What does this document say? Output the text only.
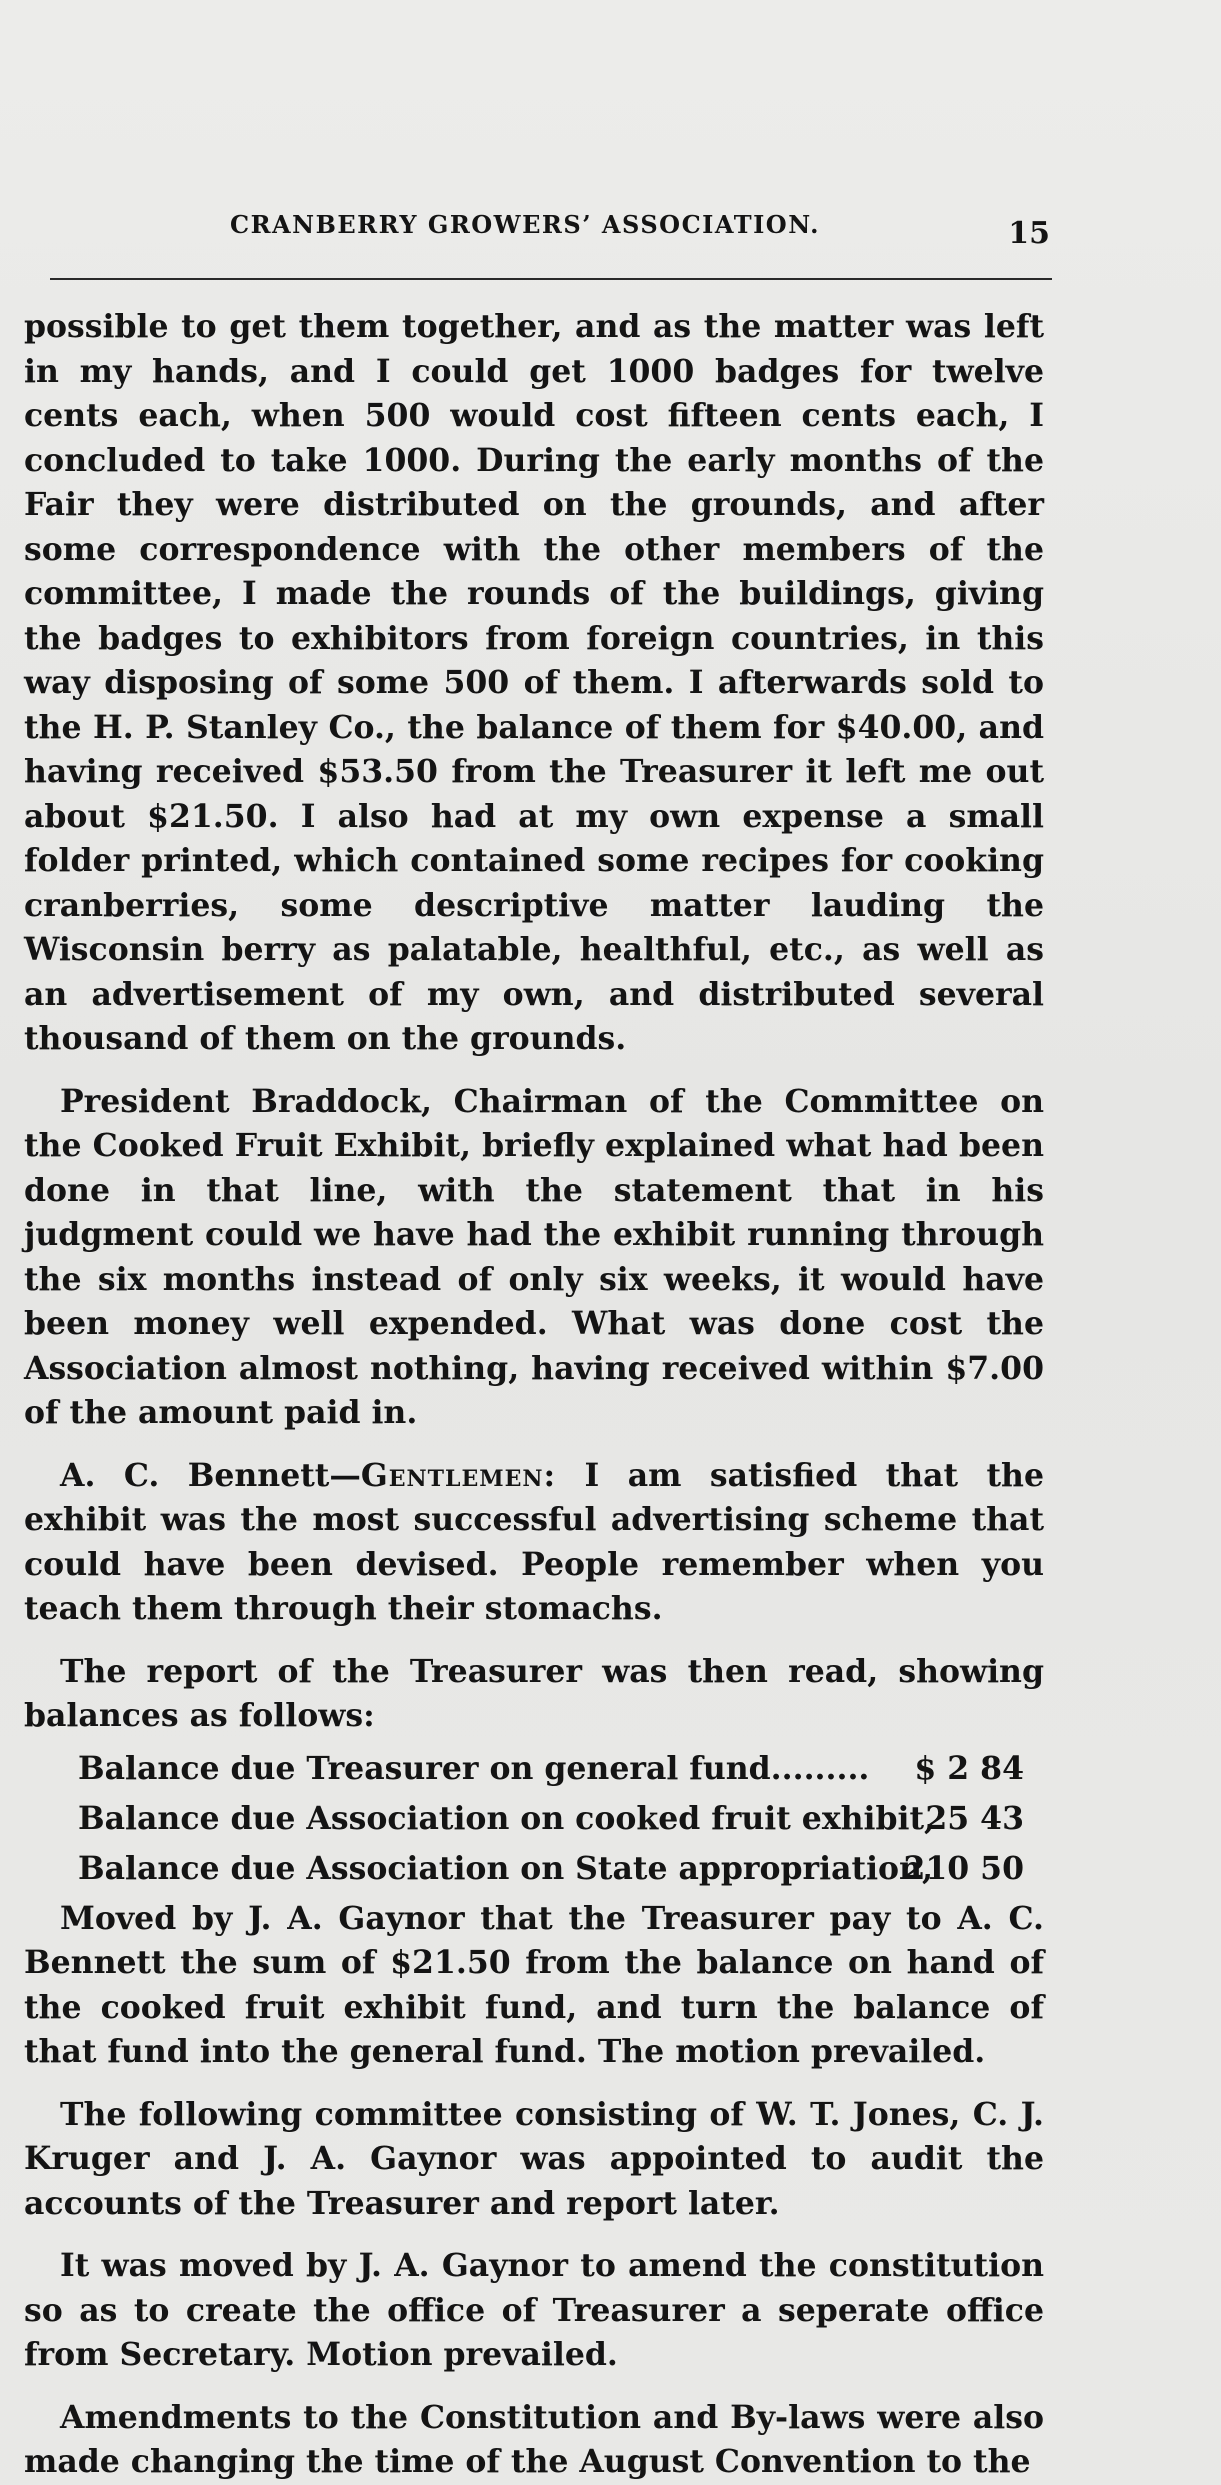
CRANBERRY GROWERS’ ASSOCIATION.	15

possible to get them together, and as the matter was left in my hands, and I could get 1000 badges for twelve cents each, when 500 would cost fifteen cents each, I concluded to take 1000. During the early months of the Fair they were distributed on the grounds, and after some correspondence with the other members of the committee, I made the rounds of the buildings, giving the badges to exhibitors from foreign countries, in this way disposing of some 500 of them. I afterwards sold to the H. P. Stanley Co., the balance of them for $40.00, and having received $53.50 from the Treasurer it left me out about $21.50. I also had at my own expense a small folder printed, which contained some recipes for cooking cranberries, some descriptive matter lauding the Wisconsin berry as palatable, healthful, etc., as well as an advertisement of my own, and distributed several thousand of them on the grounds.

President Braddock, Chairman of the Committee on the Cooked Fruit Exhibit, briefly explained what had been done in that line, with the statement that in his judgment could we have had the exhibit running through the six months instead of only six weeks, it would have been money well expended. What was done cost the Association almost nothing, having received within $7.00 of the amount paid in.

A. C. Bennett—Gentlemen: I am satisfied that the exhibit was the most successful advertising scheme that could have been devised. People remember when you teach them through their stomachs.

The report of the Treasurer was then read, showing balances as follows:

Balance due Treasurer on general fund......... $ 2 84
Balance due Association on cooked fruit exhibit,
25 43
Balance due Association on State appropriation,
210 50

Moved by J. A. Gaynor that the Treasurer pay to A. C. Bennett the sum of $21.50 from the balance on hand of the cooked fruit exhibit fund, and turn the balance of that fund into the general fund. The motion prevailed.

The following committee consisting of W. T. Jones, C. J. Kruger and J. A. Gaynor was appointed to audit the accounts of the Treasurer and report later.

It was moved by J. A. Gaynor to amend the constitution so as to create the office of Treasurer a seperate office from Secretary. Motion prevailed.

Amendments to the Constitution and By-laws were also made changing the time of the August Convention to the
